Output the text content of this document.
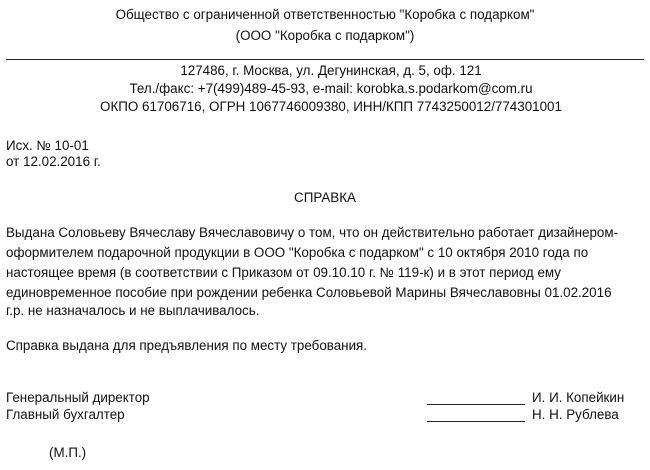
Общество с ограниченной ответственностью "Коробка с подарком"
(ООО "Коробка с подарком")
127486, г. Москва, ул. Дегунинская, д. 5, оф. 121
Тел./факс: +7(499)489-45-93, e-mail: korobka.s.podarkom@com.ru
ОКПО 61706716, ОГРН 1067746009380, ИНН/КПП 7743250012/774301001
Исх. № 10-01
от 12.02.2016 г.
СПРАВКА
Выдана Соловьеву Вячеславу Вячеславовичу о том, что он действительно работает дизайнером-
оформителем подарочной продукции в ООО "Коробка с подарком" с 10 октября 2010 года по
настоящее время (в соответствии с Приказом от 09.10.10 г. № 119-к) и в этот период ему
единовременное пособие при рождении ребенка Соловьевой Марины Вячеславовны 01.02.2016
г.р. не назначалось и не выплачивалось.
Справка выдана для предъявления по месту требования.
Генеральный директор	И. И. Копейкин
Главный бухгалтер	Н. Н. Рублева
(М.П.)
